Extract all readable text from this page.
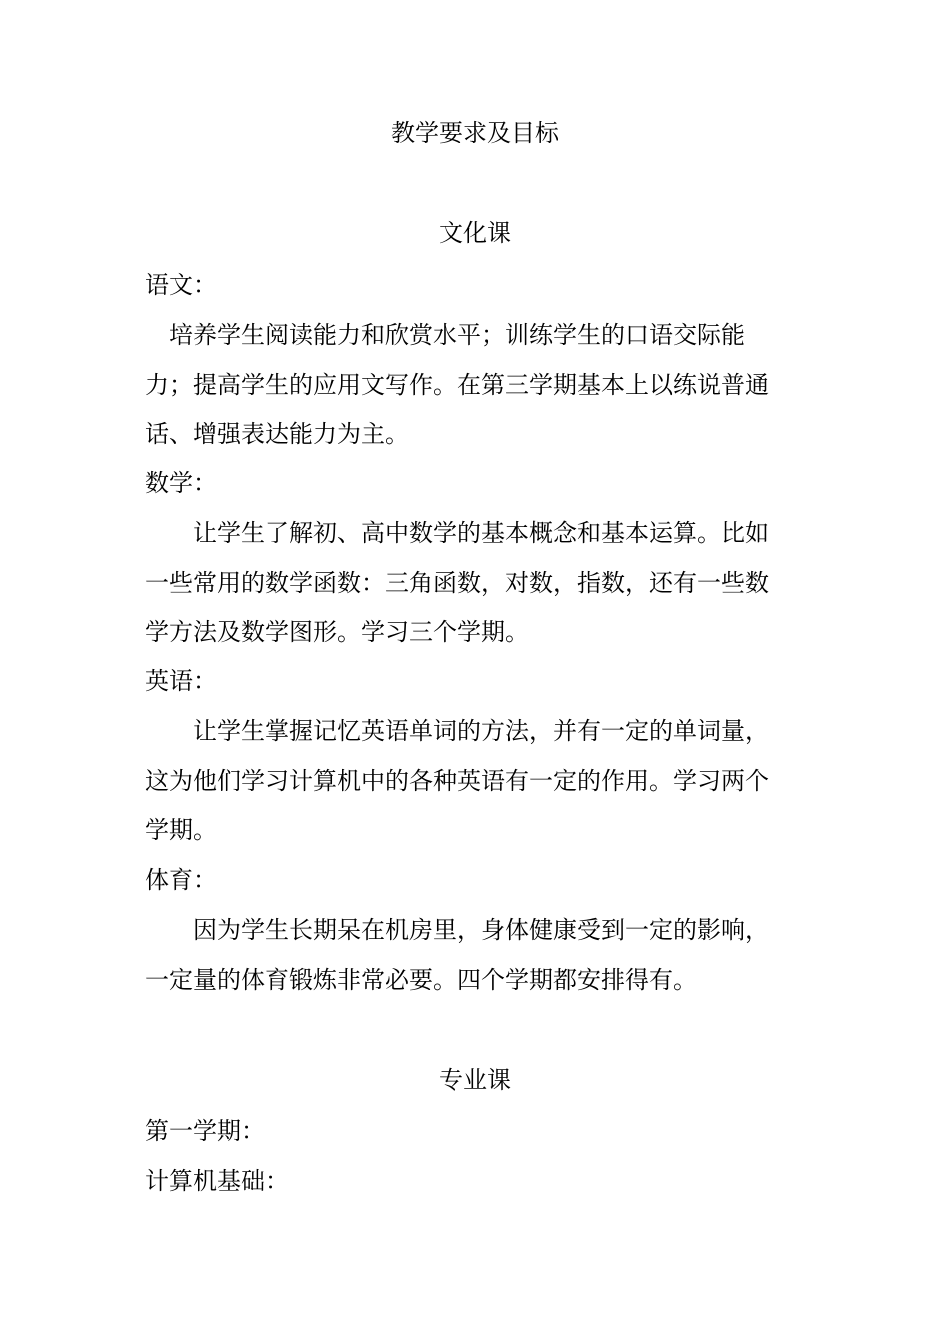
教学要求及目标
文化课
语文：
　培养学生阅读能力和欣赏水平；训练学生的口语交际能
力；提高学生的应用文写作。在第三学期基本上以练说普通
话、增强表达能力为主。
数学：
　　让学生了解初、高中数学的基本概念和基本运算。比如
一些常用的数学函数：三角函数，对数，指数，还有一些数
学方法及数学图形。学习三个学期。
英语：
　　让学生掌握记忆英语单词的方法，并有一定的单词量，
这为他们学习计算机中的各种英语有一定的作用。学习两个
学期。
体育：
　　因为学生长期呆在机房里，身体健康受到一定的影响，
一定量的体育锻炼非常必要。四个学期都安排得有。
专业课
第一学期：
计算机基础：
